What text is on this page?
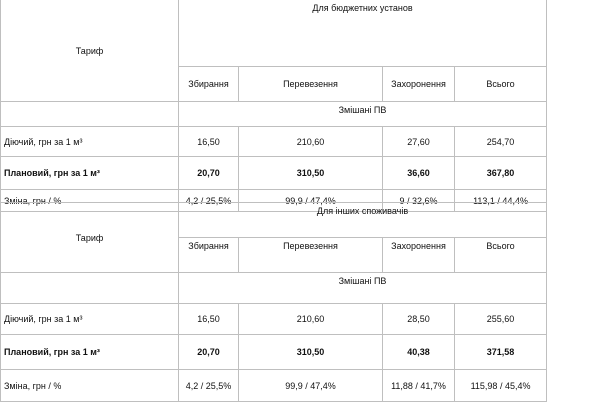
Тариф	Для бюджетних установ			
	Збирання	Перевезення	Захоронення	Всього
	Змішані ПВ			
Діючий, грн за 1 м³	16,50	210,60	27,60	254,70
Плановий, грн за 1 м³	20,70	310,50	36,60	367,80
Зміна, грн / %	4,2 / 25,5%	99,9 / 47,4%	9 / 32,6%	113,1 / 44,4%
Тариф	Для інших споживачів			
	Збирання	Перевезення	Захоронення	Всього
	Змішані ПВ			
Діючий, грн за 1 м³	16,50	210,60	28,50	255,60
Плановий, грн за 1 м³	20,70	310,50	40,38	371,58
Зміна, грн / %	4,2 / 25,5%	99,9 / 47,4%	11,88 / 41,7%	115,98 / 45,4%
